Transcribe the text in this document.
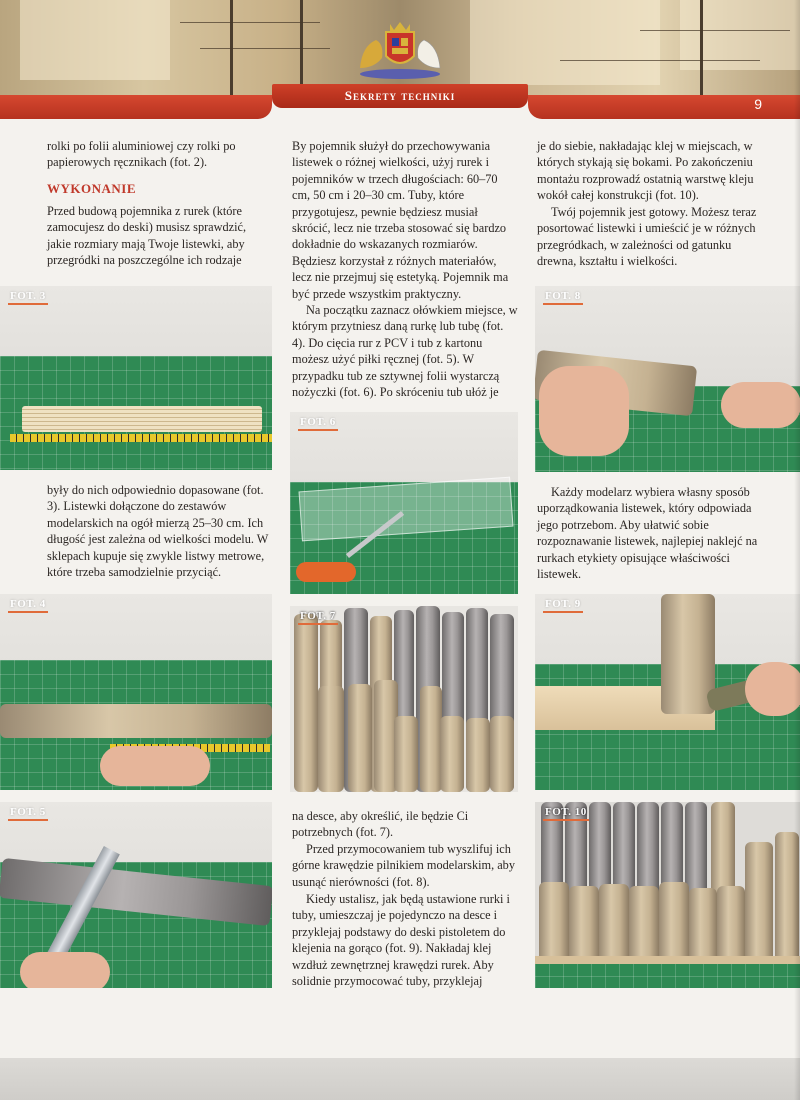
Sekrety techniki
9

rolki po folii aluminiowej czy rolki po papierowych ręcznikach (fot. 2).

WYKONANIE

Przed budową pojemnika z rurek (które zamocujesz do deski) musisz sprawdzić, jakie rozmiary mają Twoje listewki, aby przegródki na poszczególne ich rodzaje

FOT. 3

były do nich odpowiednio dopasowane (fot. 3). Listewki dołączone do zestawów modelarskich na ogół mierzą 25–30 cm. Ich długość jest zależna od wielkości modelu. W sklepach kupuje się zwykle listwy metrowe, które trzeba samodzielnie przyciąć.

FOT. 4
FOT. 5

By pojemnik służył do przechowywania listewek o różnej wielkości, użyj rurek i pojemników w trzech długościach: 60–70 cm, 50 cm i 20–30 cm. Tuby, które przygotujesz, pewnie będziesz musiał skrócić, lecz nie trzeba stosować się bardzo dokładnie do wskazanych rozmiarów. Będziesz korzystał z różnych materiałów, lecz nie przejmuj się estetyką. Pojemnik ma być przede wszystkim praktyczny.

Na początku zaznacz ołówkiem miejsce, w którym przytniesz daną rurkę lub tubę (fot. 4). Do cięcia rur z PCV i tub z kartonu możesz użyć piłki ręcznej (fot. 5). W przypadku tub ze sztywnej folii wystarczą nożyczki (fot. 6). Po skróceniu tub ułóż je

FOT. 6
FOT. 7

na desce, aby określić, ile będzie Ci potrzebnych (fot. 7).

Przed przymocowaniem tub wyszlifuj ich górne krawędzie pilnikiem modelarskim, aby usunąć nierówności (fot. 8).

Kiedy ustalisz, jak będą ustawione rurki i tuby, umieszczaj je pojedynczo na desce i przyklejaj podstawy do deski pistoletem do klejenia na gorąco (fot. 9). Nakładaj klej wzdłuż zewnętrznej krawędzi rurek. Aby solidnie przymocować tuby, przyklejaj

je do siebie, nakładając klej w miejscach, w których stykają się bokami. Po zakończeniu montażu rozprowadź ostatnią warstwę kleju wokół całej konstrukcji (fot. 10).

Twój pojemnik jest gotowy. Możesz teraz posortować listewki i umieścić je w różnych przegródkach, w zależności od gatunku drewna, kształtu i wielkości.

FOT. 8

Każdy modelarz wybiera własny sposób uporządkowania listewek, który odpowiada jego potrzebom. Aby ułatwić sobie rozpoznawanie listewek, najlepiej naklejć na rurkach etykiety opisujące właściwości listewek.

FOT. 9
FOT. 10
